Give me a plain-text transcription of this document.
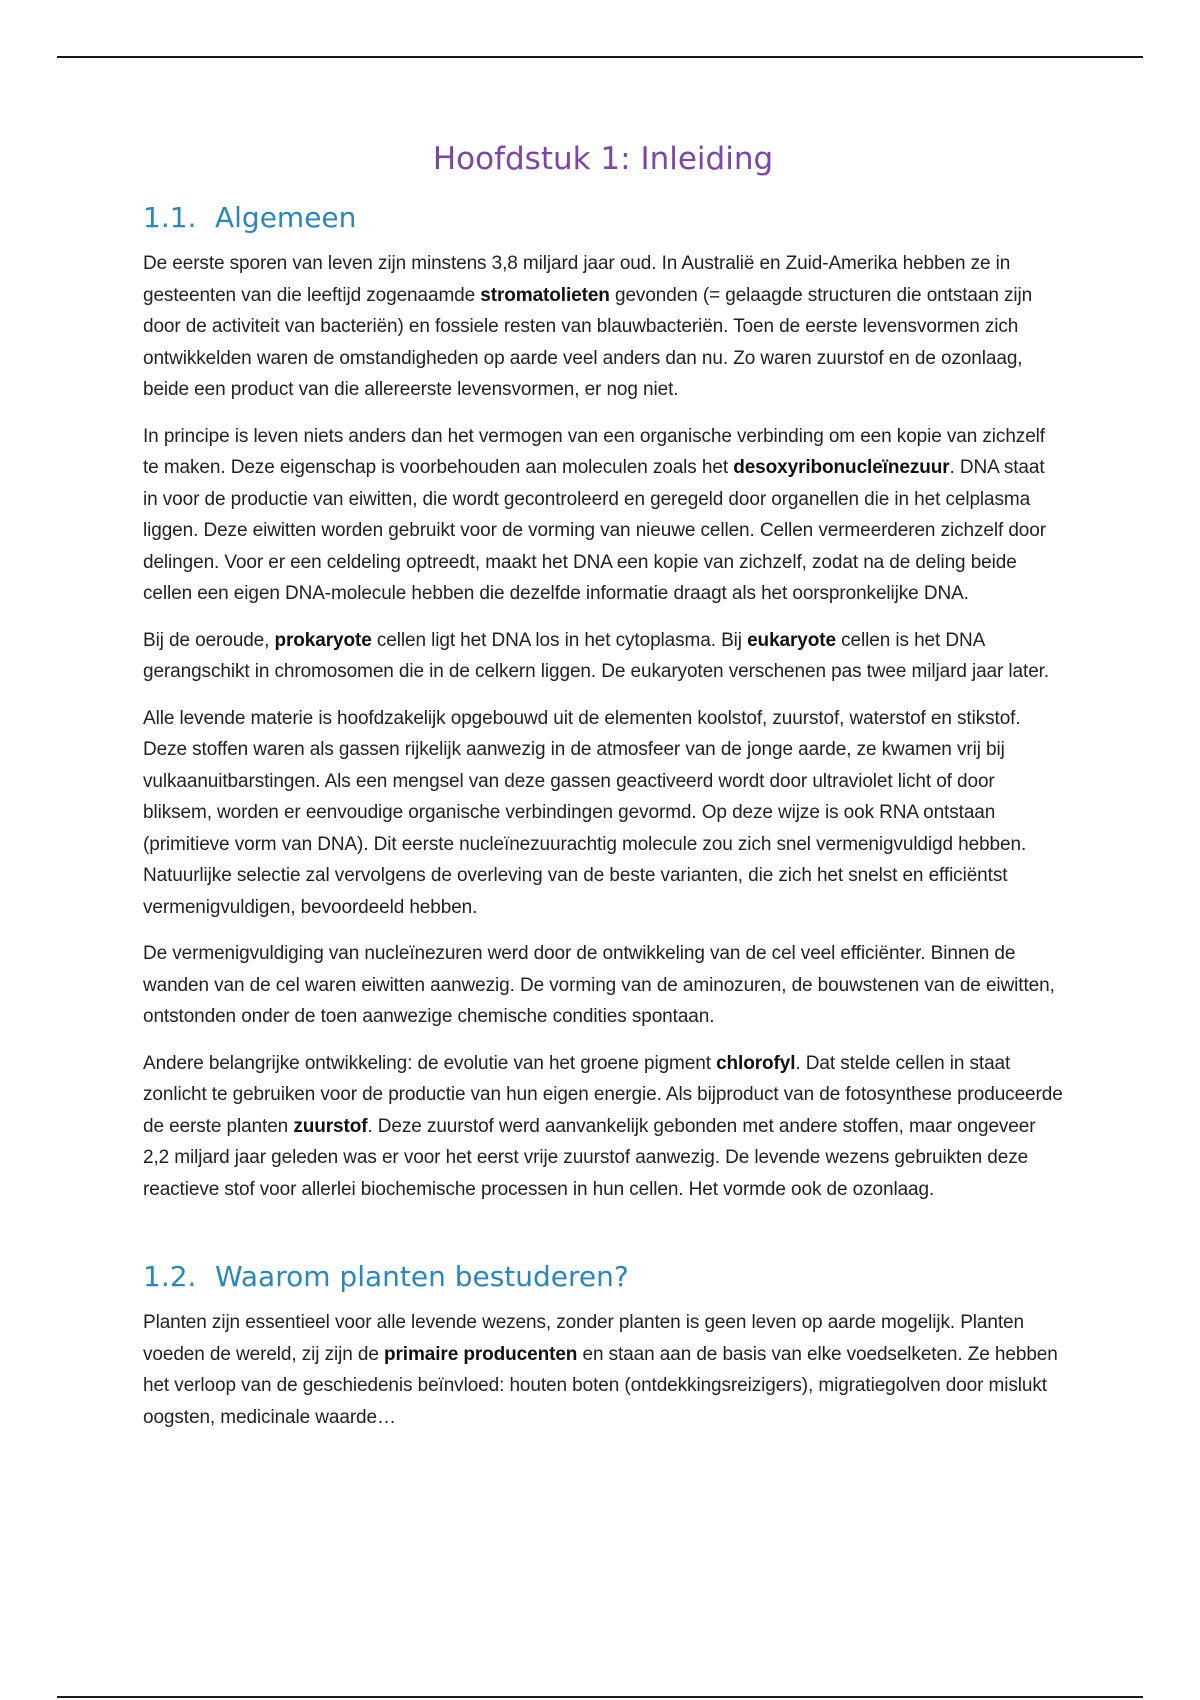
Hoofdstuk 1: Inleiding
1.1. Algemeen

De eerste sporen van leven zijn minstens 3,8 miljard jaar oud. In Australië en Zuid-Amerika hebben ze in gesteenten van die leeftijd zogenaamde stromatolieten gevonden (= gelaagde structuren die ontstaan zijn door de activiteit van bacteriën) en fossiele resten van blauwbacteriën. Toen de eerste levensvormen zich ontwikkelden waren de omstandigheden op aarde veel anders dan nu. Zo waren zuurstof en de ozonlaag, beide een product van die allereerste levensvormen, er nog niet.

In principe is leven niets anders dan het vermogen van een organische verbinding om een kopie van zichzelf te maken. Deze eigenschap is voorbehouden aan moleculen zoals het desoxyribonucleïnezuur. DNA staat in voor de productie van eiwitten, die wordt gecontroleerd en geregeld door organellen die in het celplasma liggen. Deze eiwitten worden gebruikt voor de vorming van nieuwe cellen. Cellen vermeerderen zichzelf door delingen. Voor er een celdeling optreedt, maakt het DNA een kopie van zichzelf, zodat na de deling beide cellen een eigen DNA-molecule hebben die dezelfde informatie draagt als het oorspronkelijke DNA.

Bij de oeroude, prokaryote cellen ligt het DNA los in het cytoplasma. Bij eukaryote cellen is het DNA gerangschikt in chromosomen die in de celkern liggen. De eukaryoten verschenen pas twee miljard jaar later.

Alle levende materie is hoofdzakelijk opgebouwd uit de elementen koolstof, zuurstof, waterstof en stikstof. Deze stoffen waren als gassen rijkelijk aanwezig in de atmosfeer van de jonge aarde, ze kwamen vrij bij vulkaanuitbarstingen. Als een mengsel van deze gassen geactiveerd wordt door ultraviolet licht of door bliksem, worden er eenvoudige organische verbindingen gevormd. Op deze wijze is ook RNA ontstaan (primitieve vorm van DNA). Dit eerste nucleïnezuurachtig molecule zou zich snel vermenigvuldigd hebben. Natuurlijke selectie zal vervolgens de overleving van de beste varianten, die zich het snelst en efficiëntst vermenigvuldigen, bevoordeeld hebben.

De vermenigvuldiging van nucleïnezuren werd door de ontwikkeling van de cel veel efficiënter. Binnen de wanden van de cel waren eiwitten aanwezig. De vorming van de aminozuren, de bouwstenen van de eiwitten, ontstonden onder de toen aanwezige chemische condities spontaan.

Andere belangrijke ontwikkeling: de evolutie van het groene pigment chlorofyl. Dat stelde cellen in staat zonlicht te gebruiken voor de productie van hun eigen energie. Als bijproduct van de fotosynthese produceerde de eerste planten zuurstof. Deze zuurstof werd aanvankelijk gebonden met andere stoffen, maar ongeveer 2,2 miljard jaar geleden was er voor het eerst vrije zuurstof aanwezig. De levende wezens gebruikten deze reactieve stof voor allerlei biochemische processen in hun cellen. Het vormde ook de ozonlaag.

1.2. Waarom planten bestuderen?

Planten zijn essentieel voor alle levende wezens, zonder planten is geen leven op aarde mogelijk. Planten voeden de wereld, zij zijn de primaire producenten en staan aan de basis van elke voedselketen. Ze hebben het verloop van de geschiedenis beïnvloed: houten boten (ontdekkingsreizigers), migratiegolven door mislukt oogsten, medicinale waarde…
